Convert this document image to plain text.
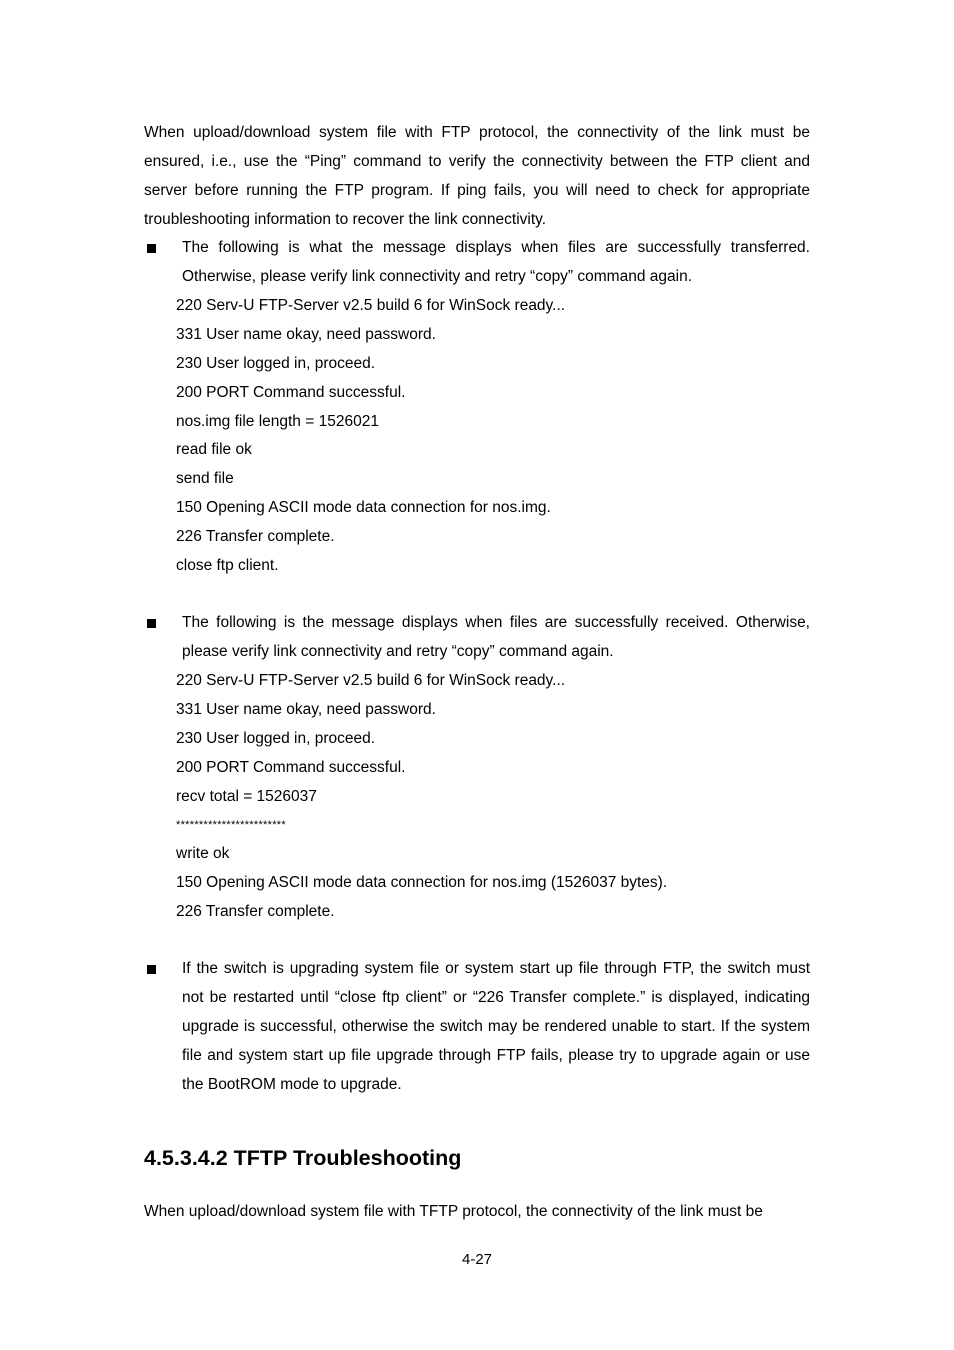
When upload/download system file with FTP protocol, the connectivity of the link must be ensured, i.e., use the “Ping” command to verify the connectivity between the FTP client and server before running the FTP program. If ping fails, you will need to check for appropriate troubleshooting information to recover the link connectivity.

The following is what the message displays when files are successfully transferred. Otherwise, please verify link connectivity and retry “copy” command again.

220 Serv-U FTP-Server v2.5 build 6 for WinSock ready...
331 User name okay, need password.
230 User logged in, proceed.
200 PORT Command successful.
nos.img file length = 1526021
read file ok
send file
150 Opening ASCII mode data connection for nos.img.
226 Transfer complete.
close ftp client.

The following is the message displays when files are successfully received. Otherwise, please verify link connectivity and retry “copy” command again.

220 Serv-U FTP-Server v2.5 build 6 for WinSock ready...
331 User name okay, need password.
230 User logged in, proceed.
200 PORT Command successful.
recv total = 1526037
************************
write ok
150 Opening ASCII mode data connection for nos.img (1526037 bytes).
226 Transfer complete.

If the switch is upgrading system file or system start up file through FTP, the switch must not be restarted until “close ftp client” or “226 Transfer complete.” is displayed, indicating upgrade is successful, otherwise the switch may be rendered unable to start. If the system file and system start up file upgrade through FTP fails, please try to upgrade again or use the BootROM mode to upgrade.

4.5.3.4.2 TFTP Troubleshooting

When upload/download system file with TFTP protocol, the connectivity of the link must be

4-27
